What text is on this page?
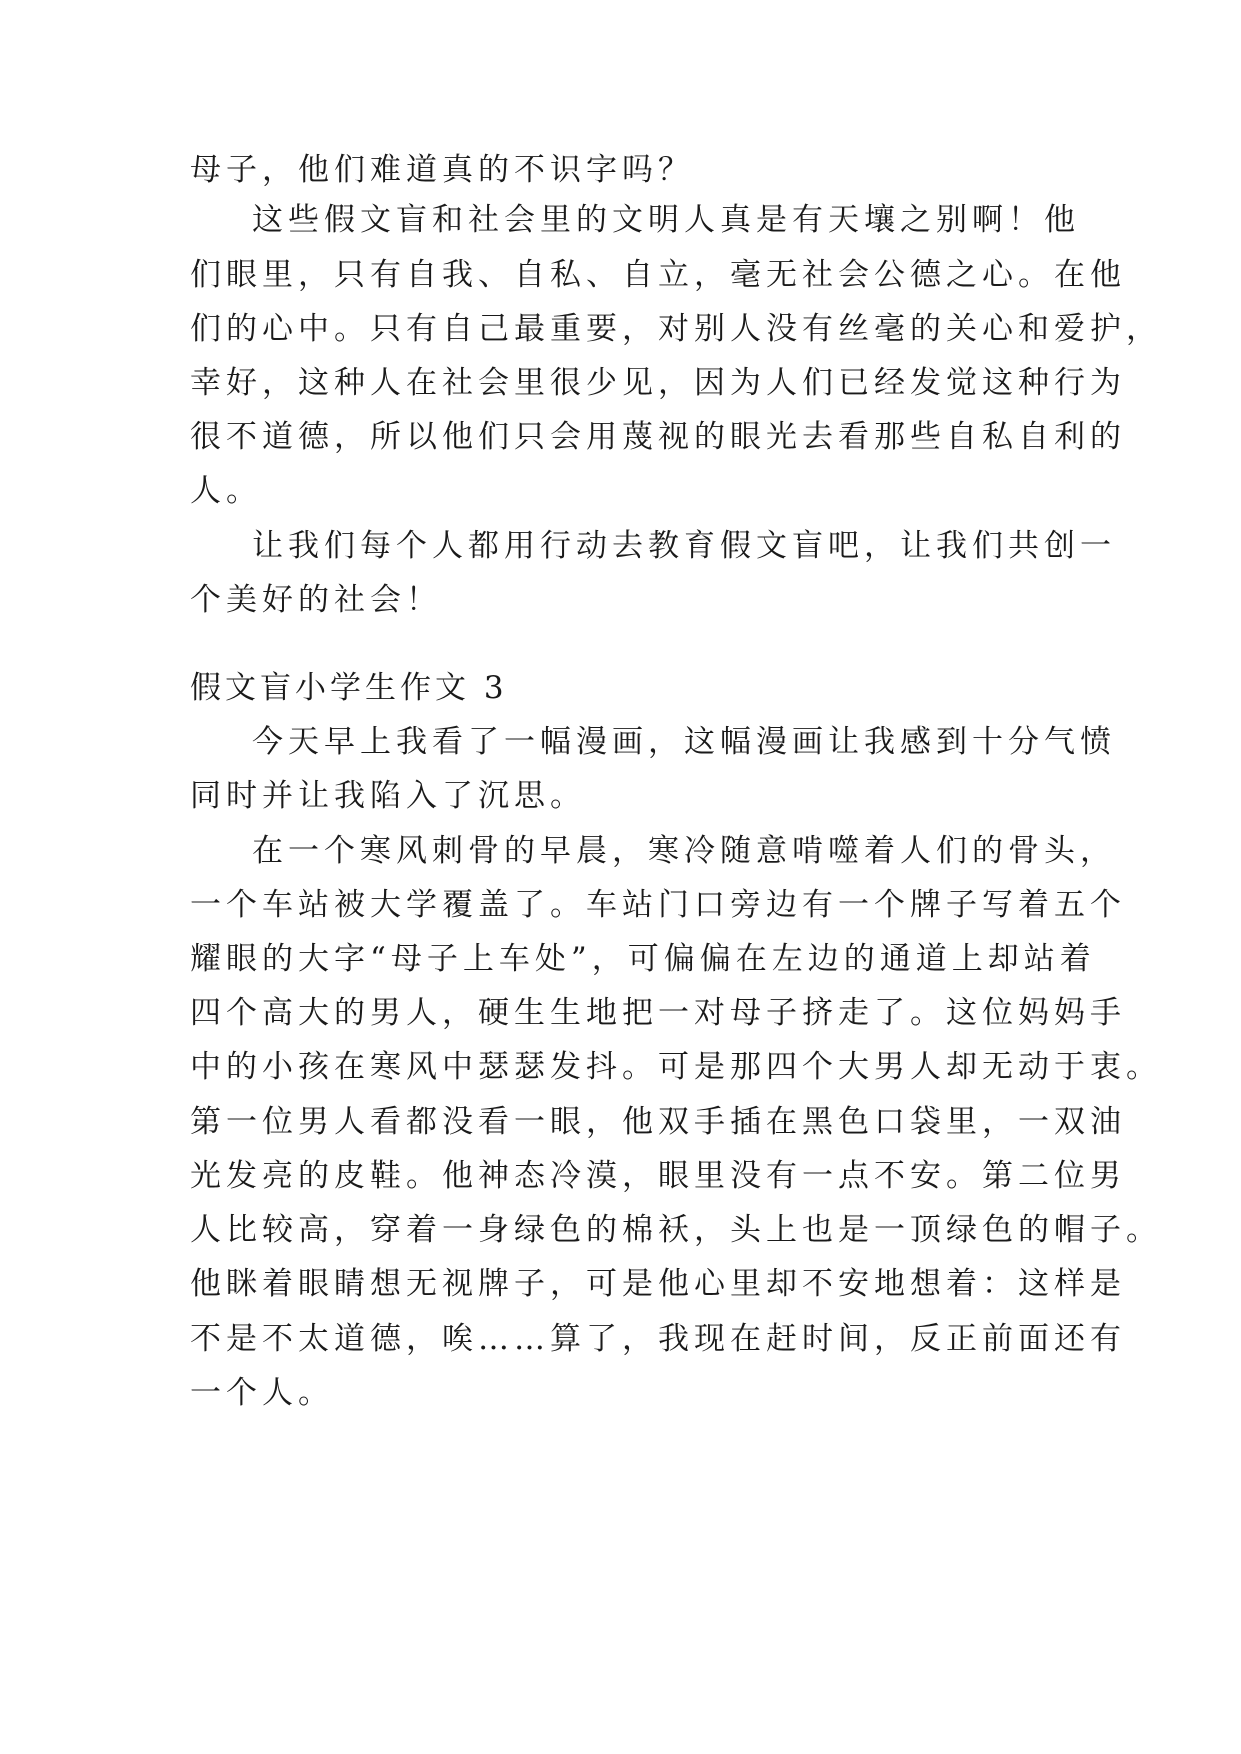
母子，他们难道真的不识字吗？
这些假文盲和社会里的文明人真是有天壤之别啊！他
们眼里，只有自我、自私、自立，毫无社会公德之心。在他
们的心中。只有自己最重要，对别人没有丝毫的关心和爱护，
幸好，这种人在社会里很少见，因为人们已经发觉这种行为
很不道德，所以他们只会用蔑视的眼光去看那些自私自利的
人。
让我们每个人都用行动去教育假文盲吧，让我们共创一
个美好的社会！
假文盲小学生作文 3
今天早上我看了一幅漫画，这幅漫画让我感到十分气愤
同时并让我陷入了沉思。
在一个寒风刺骨的早晨，寒冷随意啃噬着人们的骨头，
一个车站被大学覆盖了。车站门口旁边有一个牌子写着五个
耀眼的大字“母子上车处”，可偏偏在左边的通道上却站着
四个高大的男人，硬生生地把一对母子挤走了。这位妈妈手
中的小孩在寒风中瑟瑟发抖。可是那四个大男人却无动于衷。
第一位男人看都没看一眼，他双手插在黑色口袋里，一双油
光发亮的皮鞋。他神态冷漠，眼里没有一点不安。第二位男
人比较高，穿着一身绿色的棉袄，头上也是一顶绿色的帽子。
他眯着眼睛想无视牌子，可是他心里却不安地想着：这样是
不是不太道德，唉……算了，我现在赶时间，反正前面还有
一个人。
